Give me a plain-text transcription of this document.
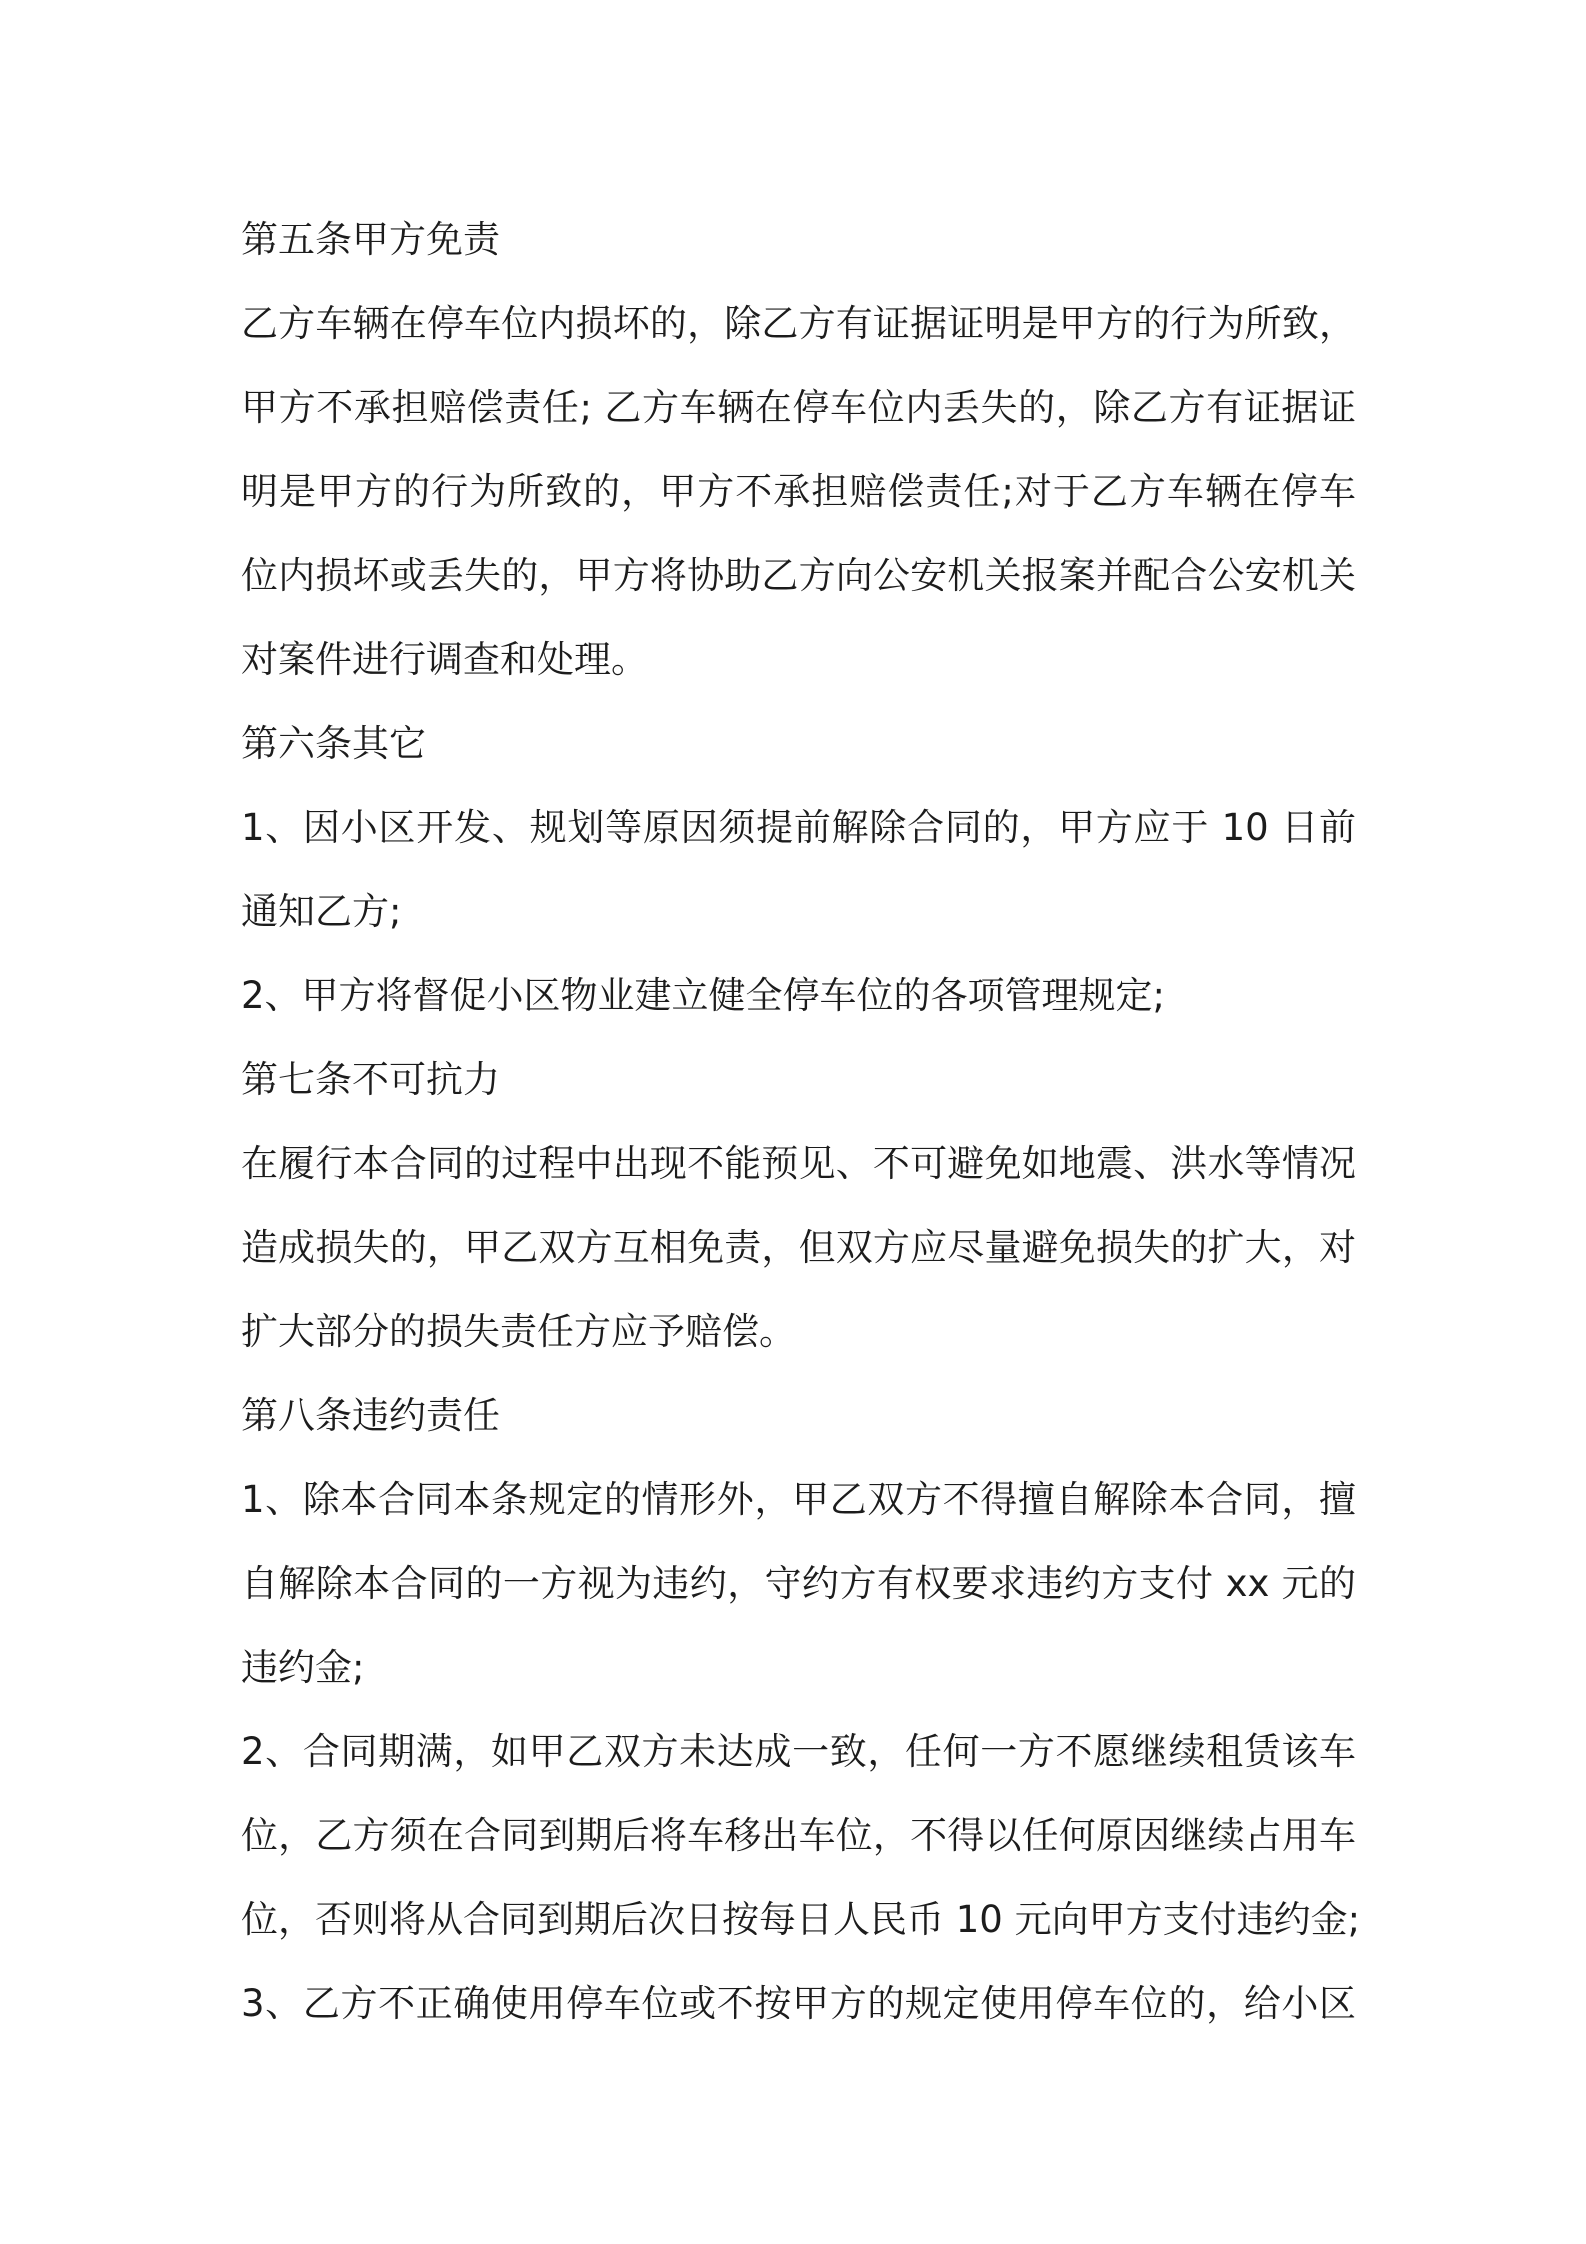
第五条甲方免责
乙方车辆在停车位内损坏的，除乙方有证据证明是甲方的行为所致，
甲方不承担赔偿责任; 乙方车辆在停车位内丢失的，除乙方有证据证
明是甲方的行为所致的，甲方不承担赔偿责任;对于乙方车辆在停车
位内损坏或丢失的，甲方将协助乙方向公安机关报案并配合公安机关
对案件进行调查和处理。
第六条其它
1、因小区开发、规划等原因须提前解除合同的，甲方应于 10 日前
通知乙方;
2、甲方将督促小区物业建立健全停车位的各项管理规定;
第七条不可抗力
在履行本合同的过程中出现不能预见、不可避免如地震、洪水等情况
造成损失的，甲乙双方互相免责，但双方应尽量避免损失的扩大，对
扩大部分的损失责任方应予赔偿。
第八条违约责任
1、除本合同本条规定的情形外，甲乙双方不得擅自解除本合同，擅
自解除本合同的一方视为违约，守约方有权要求违约方支付 xx 元的
违约金;
2、合同期满，如甲乙双方未达成一致，任何一方不愿继续租赁该车
位，乙方须在合同到期后将车移出车位，不得以任何原因继续占用车
位，否则将从合同到期后次日按每日人民币 10 元向甲方支付违约金;
3、乙方不正确使用停车位或不按甲方的规定使用停车位的，给小区
